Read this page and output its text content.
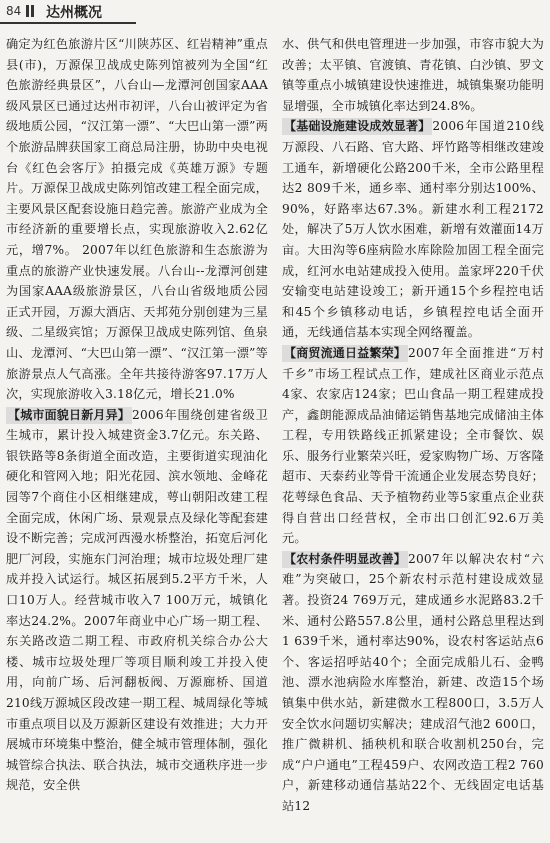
84 达州概况

确定为红色旅游片区“川陕苏区、红岩精神”重点县(市)，万源保卫战成史陈列馆被列为全国“红色旅游经典景区”，八台山—龙潭河创国家AAA级风景区已通过达州市初评，八台山被评定为省级地质公园，“汉江第一漂”、“大巴山第一漂”两个旅游品牌获国家工商总局注册，协助中央电视台《红色会客厅》拍摄完成《英雄万源》专题片。万源保卫战成史陈列馆改建工程全面完成，主要风景区配套设施日趋完善。旅游产业成为全市经济新的重要增长点，实现旅游收入2.62亿元，增7%。 2007年以红色旅游和生态旅游为重点的旅游产业快速发展。八台山--龙潭河创建为国家AAA级旅游景区，八台山省级地质公园正式开园，万源大酒店、天邦苑分别创建为三星级、二星级宾馆；万源保卫战成史陈列馆、鱼泉山、龙潭河、“大巴山第一漂”、“汉江第一漂”等旅游景点人气高涨。全年共接待游客97.17万人次，实现旅游收入3.18亿元，增长21.0%

【城市面貌日新月异】 2006年围绕创建省级卫生城市，累计投入城建资金3.7亿元。东关路、银铁路等8条街道全面改造，主要街道实现油化硬化和管网入地；阳光花园、滨水领地、金峰花园等7个商住小区相继建成，萼山朝阳改建工程全面完成，休闲广场、景观景点及绿化等配套建设不断完善；完成河西漫水桥整治，拓宽后河化肥厂河段，实施东门河治理；城市垃圾处理厂建成并投入试运行。城区拓展到5.2平方千米，人口10万人。经营城市收入7 100万元，城镇化率达24.2%。2007年商业中心广场一期工程、东关路改造二期工程、市政府机关综合办公大楼、城市垃圾处理厂等项目顺利竣工并投入使用，向前广场、后河翻板阀、万源廊桥、国道210线万源城区段改建一期工程、城周绿化等城市重点项目以及万源新区建设有效推进；大力开展城市环境集中整治，健全城市管理体制，强化城管综合执法、联合执法，城市交通秩序进一步规范，安全供

水、供气和供电管理进一步加强，市容市貌大为改善；太平镇、官渡镇、青花镇、白沙镇、罗文镇等重点小城镇建设快速推进，城镇集聚功能明显增强，全市城镇化率达到24.8%。

【基础设施建设成效显著】 2006年国道210线万源段、八石路、官大路、坪竹路等相继改建竣工通车，新增硬化公路200千米，全市公路里程达2 809千米，通乡率、通村率分别达100%、90%，好路率达67.3%。新建水利工程2172处，解决了5万人饮水困难，新增有效灌面14万亩。大田沟等6座病险水库除险加固工程全面完成，红河水电站建成投入使用。盖家坪220千伏安输变电站建设竣工；新开通15个乡程控电话和45个乡镇移动电话，乡镇程控电话全面开通，无线通信基本实现全网络覆盖。

【商贸流通日益繁荣】 2007年全面推进“万村千乡”市场工程试点工作，建成社区商业示范点4家、农家店124家；巴山食品一期工程建成投产，鑫朗能源成品油储运销售基地完成储油主体工程，专用铁路线正抓紧建设；全市餐饮、娱乐、服务行业繁荣兴旺，爱家购物广场、万客隆超市、天泰药业等骨干流通企业发展态势良好；花萼绿色食品、天予植物药业等5家重点企业获得自营出口经营权，全市出口创汇92.6万美元。

【农村条件明显改善】 2007年以解决农村“六难”为突破口，25个新农村示范村建设成效显著。投资24 769万元，建成通乡水泥路83.2千米、通村公路557.8公里，通村公路总里程达到1 639千米，通村率达90%，设农村客运站点6个、客运招呼站40个；全面完成船儿石、金鸭池、漂水池病险水库整治，新建、改造15个场镇集中供水站，新建微水工程800口，3.5万人安全饮水问题切实解决；建成沼气池2 600口，推广微耕机、插秧机和联合收割机250台，完成“户户通电”工程459户、农网改造工程2 760户，新建移动通信基站22个、无线固定电话基站12
